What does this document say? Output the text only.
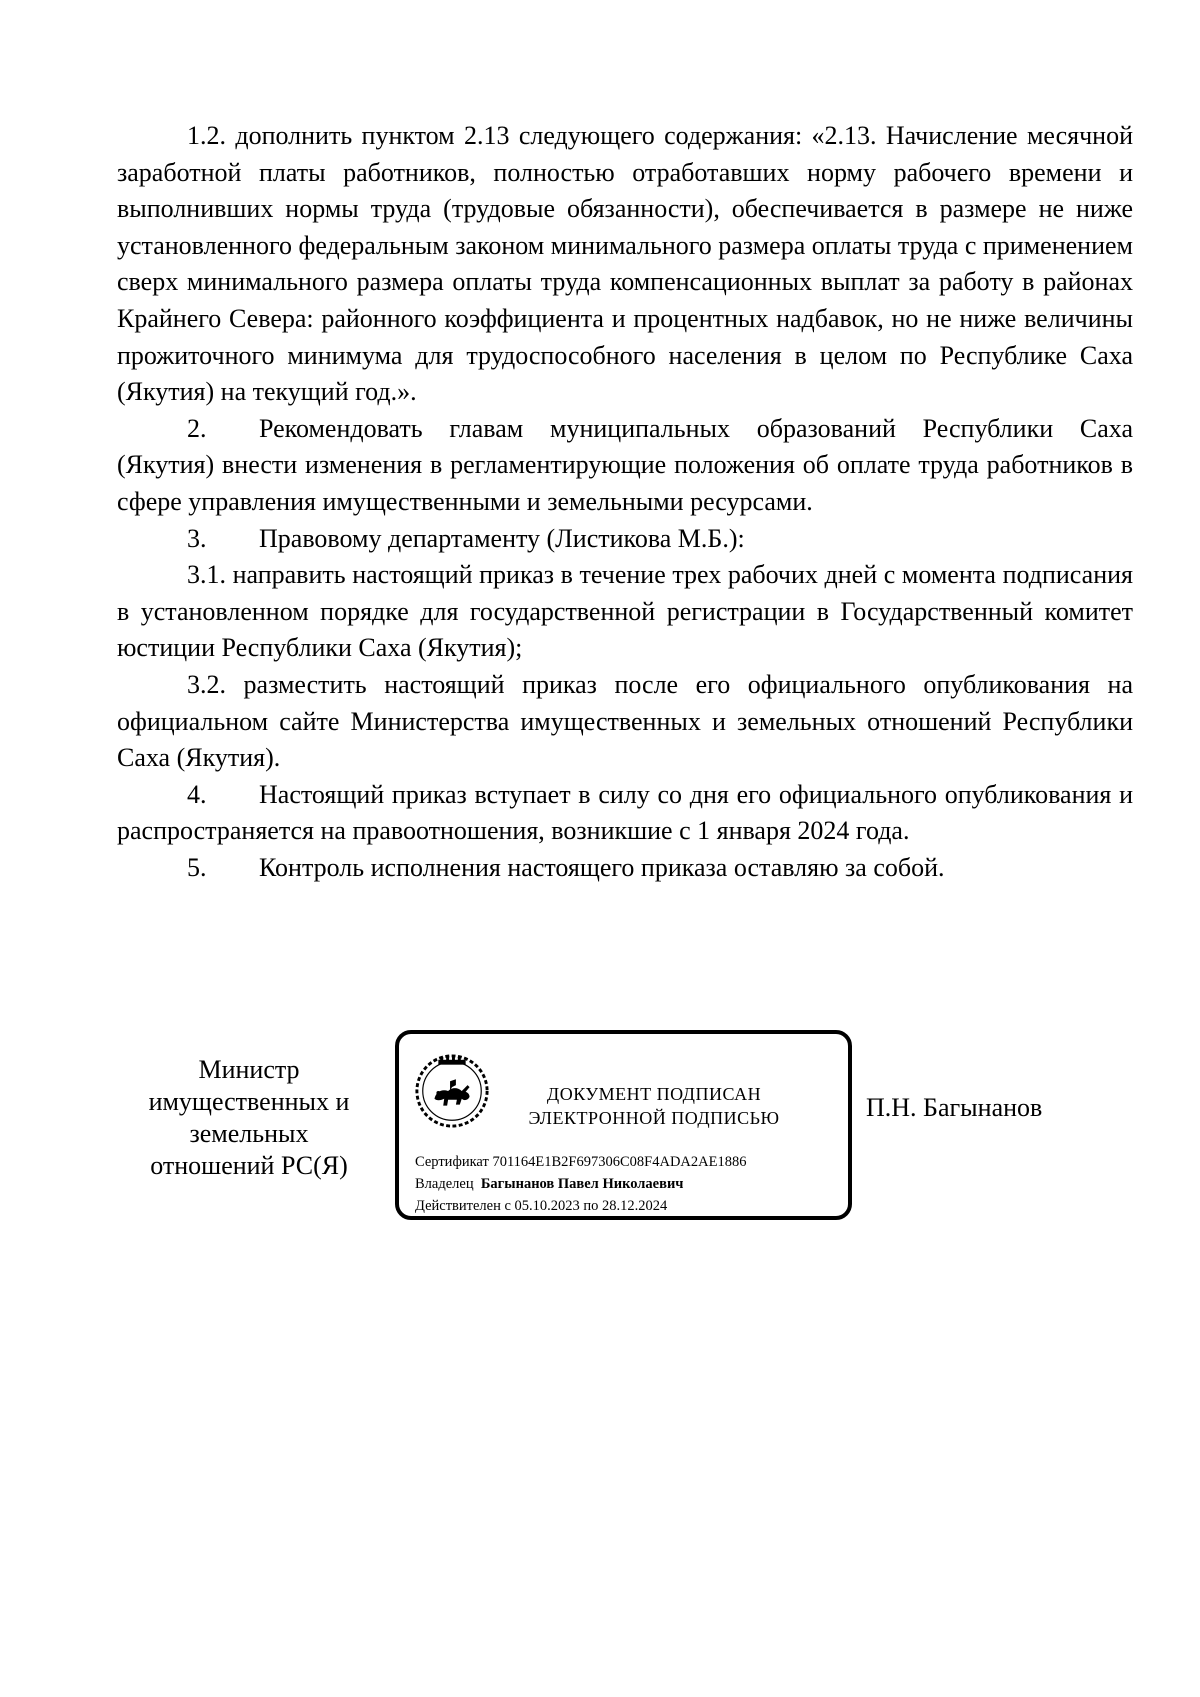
1.2. дополнить пунктом 2.13 следующего содержания: «2.13. Начисление месячной заработной платы работников, полностью отработавших норму рабочего времени и выполнивших нормы труда (трудовые обязанности), обеспечивается в размере не ниже установленного федеральным законом минимального размера оплаты труда с применением сверх минимального размера оплаты труда компенсационных выплат за работу в районах Крайнего Севера: районного коэффициента и процентных надбавок, но не ниже величины прожиточного минимума для трудоспособного населения в целом по Республике Саха (Якутия) на текущий год.».

2. Рекомендовать главам муниципальных образований Республики Саха (Якутия) внести изменения в регламентирующие положения об оплате труда работников в сфере управления имущественными и земельными ресурсами.

3. Правовому департаменту (Листикова М.Б.):

3.1. направить настоящий приказ в течение трех рабочих дней с момента подписания в установленном порядке для государственной регистрации в Государственный комитет юстиции Республики Саха (Якутия);

3.2. разместить настоящий приказ после его официального опубликования на официальном сайте Министерства имущественных и земельных отношений Республики Саха (Якутия).

4. Настоящий приказ вступает в силу со дня его официального опубликования и распространяется на правоотношения, возникшие с 1 января 2024 года.

5. Контроль исполнения настоящего приказа оставляю за собой.

Министр
имущественных и
земельных
отношений РС(Я)
ДОКУМЕНТ ПОДПИСАН
ЭЛЕКТРОННОЙ ПОДПИСЬЮ
Сертификат 701164E1B2F697306C08F4ADA2AE1886
Владелец Багынанов Павел Николаевич
Действителен с 05.10.2023 по 28.12.2024
П.Н. Багынанов
